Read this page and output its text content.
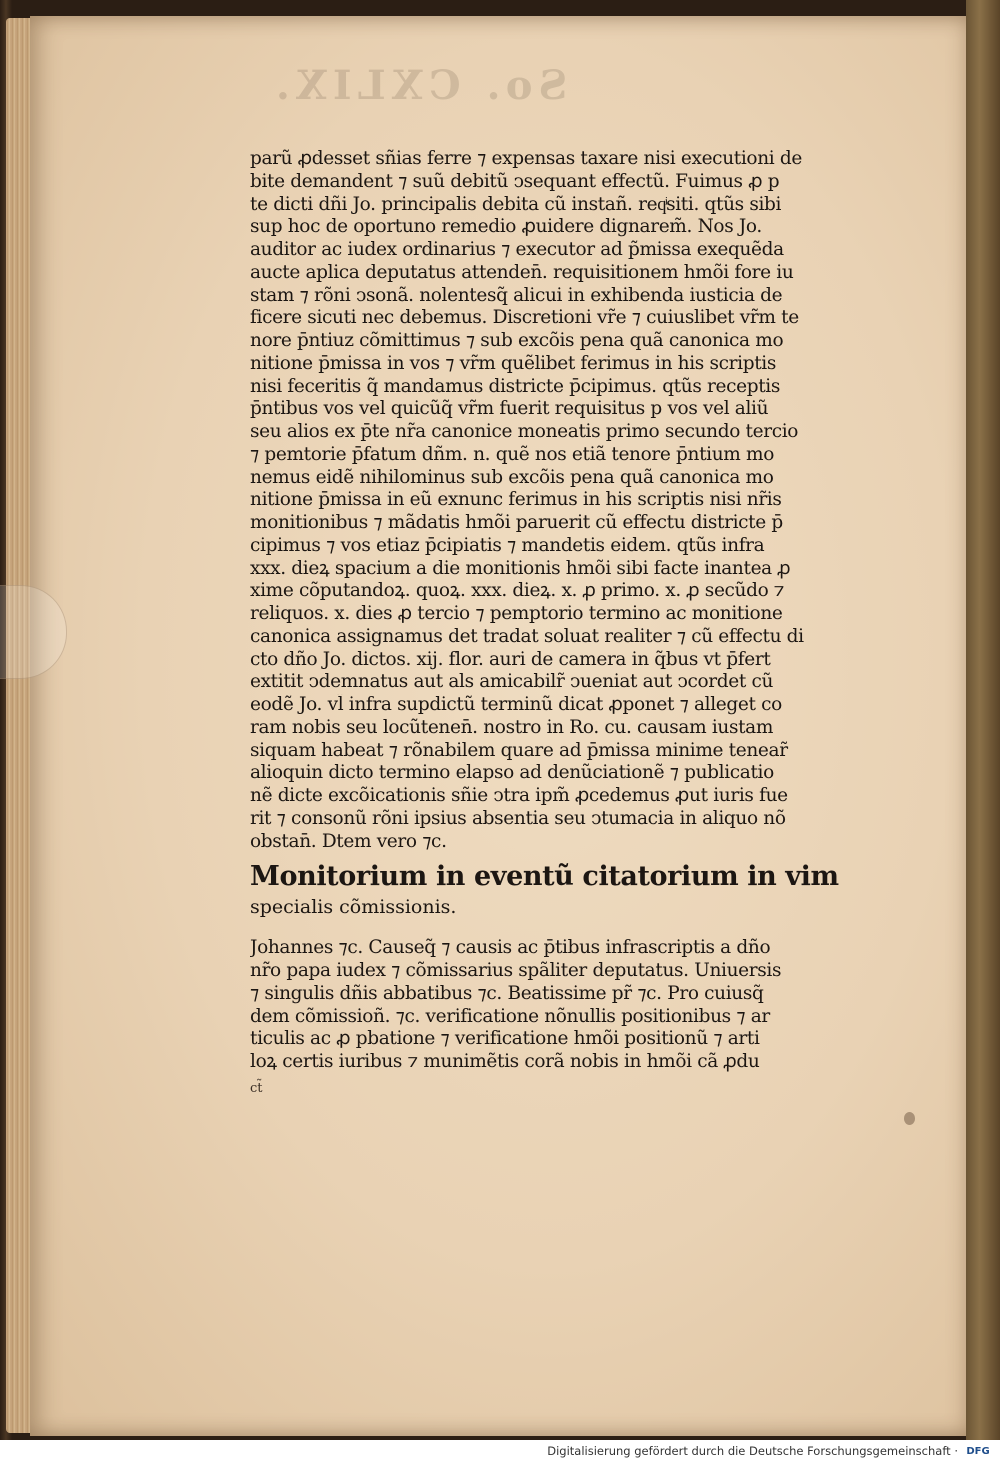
So. CXLIX.
parũ ꝓdesset sñias ferre ⁊ expensas taxare nisi executioni de
bite demandent ⁊ suũ debitũ ↄsequant̃ effectũ. Fuimus ꝓ p
te dicti dñi Jo. principalis debita cũ instañ. reqͥsiti. qtũs sibi
sup hoc de oportuno remedio ꝓuidere dignarem̃. Nos Jo.
auditor ac iudex ordinarius ⁊ executor ad p̃missa exequẽda
aucte aplica deputatus attenden̄. requisitionem hmõi fore iu
stam ⁊ rõni ↄsonã. nolentesq̃ alicui in exhibenda iusticia de
ficere sicuti nec debemus. Discretioni vr̃e ⁊ cuiuslibet vr̃m te
nore p̄ntiuz cõmittimus ⁊ sub excõis pena quã canonica mo
nitione p̄missa in vos ⁊ vr̃m quẽlibet ferimus in his scriptis
nisi feceritis q̃ mandamus districte p̄cipimus. qtũs receptis
p̄ntibus vos vel quicũq̃ vr̃m fuerit requisitus p vos vel aliũ
seu alios ex p̄te nr̃a canonice moneatis primo secundo tercio
⁊ pemtorie p̄fatum dñm. n. quẽ nos etiã tenore p̄ntium mo
nemus eidẽ nihilominus sub excõis pena quã canonica mo
nitione p̄missa in eũ exnunc ferimus in his scriptis nisi nr̃is
monitionibus ⁊ mãdatis hmõi paruerit cũ effectu districte p̄
cipimus ⁊ vos etiaz p̄cipiatis ⁊ mandetis eidem. qtũs infra
xxx. dieꝝ spacium a die monitionis hmõi sibi facte inantea ꝓ
xime cõputandoꝝ. quoꝝ. xxx. dieꝝ. x. ꝓ primo. x. ꝓ secũdo ⁊
reliquos. x. dies ꝓ tercio ⁊ pemptorio termino ac monitione
canonica assignamus det tradat soluat realiter ⁊ cũ effectu di
cto dño Jo. dictos. xij. flor. auri de camera in q̃bus vt p̄fert̃
extitit ↄdemnatus aut als amicabilr̃ ↄueniat aut ↄcordet cũ
eodẽ Jo. vl̃ infra supdictũ terminũ dicat ꝓponet ⁊ alleget co
ram nobis seu locũtenen̄. nostro in Ro. cu. causam iustam
siquam habeat ⁊ rõnabilem quare ad p̄missa minime tenear̃
alioquin dicto termino elapso ad denũciationẽ ⁊ publicatio
nẽ dicte excõicationis sñie ↄtra ipm̃ ꝓcedemus ꝓut iuris fue
rit ⁊ consonũ rõni ipsius absentia seu ↄtumacia in aliquo nõ
obstan̄. Dtem vero ⁊c.
Monitorium in eventũ citatorium in vim
specialis cõmissionis.
Johannes ⁊c. Causeq̃ ⁊ causis ac p̄tibus infrascriptis a dño
nr̃o papa iudex ⁊ cõmissarius spãliter deputatus. Uniuersis
⁊ singulis dñis abbatibus ⁊c. Beatissime pr̃ ⁊c. Pro cuiusq̃
dem cõmissioñ. ⁊c. verificatione nõnullis positionibus ⁊ ar
ticulis ac ꝓ pbatione ⁊ verificatione hmõi positionũ ⁊ arti
loꝝ certis iuribus ⁊ munimẽtis corã nobis in hmõi cã ꝓdu
ct̃
Digitalisierung gefördert durch die Deutsche Forschungsgemeinschaft · DFG
